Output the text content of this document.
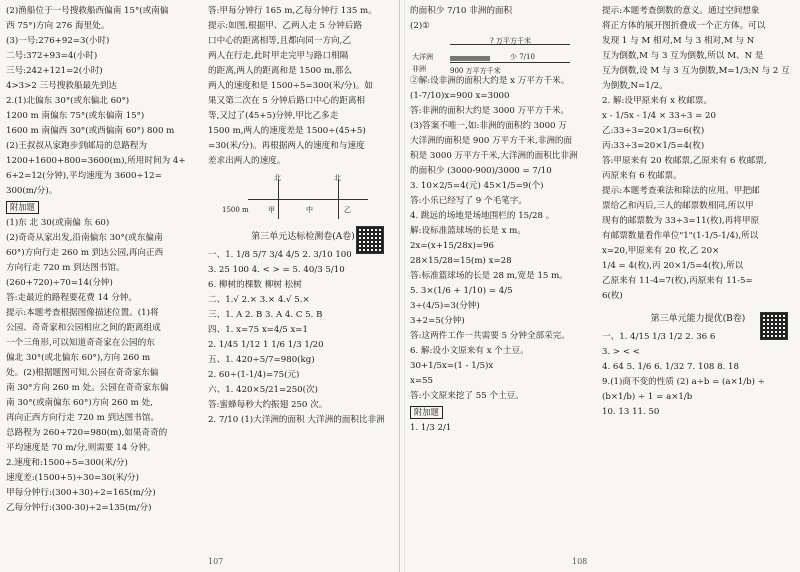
(2)渔船位于一号搜救船西偏南 15°(或南偏
西 75°)方向 276 海里处。
(3)一号:276+92=3(小时)
二号:372+93=4(小时)
三号:242+121=2(小时)
4>3>2 三号搜救船最先到达
2.(1)北偏东 30°(或东偏北 60°)
1200 m 南偏东 75°(或东偏南 15°)
1600 m 南偏西 30°(或西偏南 60°) 800 m
(2)王叔叔从家跑步到邮局的总路程为
1200+1600+800=3600(m),所用时间为 4+
6+2=12(分钟),平均速度为 3600÷12=
300(m/分)。
附加题
(1)东 北 30(或南偏 东 60)
(2)奇奇从家出发,沿南偏东 30°(或东偏南
60°)方向行走 260 m 到达公园,再向正西
方向行走 720 m 到达图书馆。
(260+720)÷70=14(分钟)
答:走最近的路程要花费 14 分钟。
提示:本题考查根据图像描述位置。(1)将
公园、奇奇家和公园相应之间的距离组成
一个三角形,可以知道奇奇家在公园的东
偏北 30°(或北偏东 60°),方向 260 m
处。(2)根据题图可知,公园在奇奇家东偏
南 30°方向 260 m 处。公园在奇奇家东偏
南 30°(或南偏东 60°)方向 260 m 处,
再向正西方向行走 720 m 到达图书馆。
总路程为 260+720=980(m),如果奇奇的
平均速度是 70 m/分,则需要 14 分钟。
2.速度和:1500÷5=300(米/分)
速度差:(1500+5)÷30=30(米/分)
甲每分钟行:(300+30)÷2=165(m/分)
乙每分钟行:(300-30)÷2=135(m/分)
答:甲每分钟行 165 m,乙每分钟行 135 m。
提示:如图,根据甲、乙两人走 5 分钟后路
口中心的距离相等,且都向同一方向,乙
两人在行走,此时甲走完甲与路口相隔
的距离,两人的距离和是 1500 m,那么
两人的速度和是 1500÷5=300(米/分)。如
果又第二次在 5 分钟后路口中心的距离相
等,又过了(45+5)分钟,甲比乙多走
1500 m,两人的速度差是 1500÷(45+5)
=30(米/分)。再根据两人的速度和与速度
差求出两人的速度。
北	北
1500 m	甲	中	乙
第三单元达标检测卷(A卷)
一、1. 1/8 5/7 3/4 4/5 2. 3/10 100
3. 25 100 4. < > = 5. 40/3 5/10
6. 柳树的棵数 柳树 松树
二、1.√ 2.× 3.× 4.√ 5.×
三、1. A 2. B 3. A 4. C 5. B
四、1. x=75 x=4/5 x=1
2. 1/45 1/12 1 1/6 1/3 1/20
五、1. 420÷5/7=980(kg)
2. 60÷(1-1/4)=75(元)
六、1. 420×5/21=250(次)
答:蜜蜂每秒大约振翅 250 次。
2. 7/10 (1)大洋洲的面积 大洋洲的面积比非洲
107
的面积少 7/10 非洲的面积
(2)①
? 万平方千米
大洋洲
非洲
少 7/10
900 万平方千米
②解:设非洲的面积大约是 x 万平方千米。
(1-7/10)x=900 x=3000
答:非洲的面积大约是 3000 万平方千米。
(3)答案不唯一,如:非洲的面积约 3000 万
大洋洲的面积是 900 万平方千米,非洲的面
积是 3000 万平方千米,大洋洲的面积比非洲
的面积少 (3000-900)/3000 = 7/10
3. 10×2/5=4(元) 45×1/5=9(个)
答:小乐已经写了 9 个毛笔字。
4. 跳远的场地是场地围栏的 15/28 。
解:设标准篮球场的长是 x m。
2x=(x+15/28x)=96
28×15/28=15(m) x=28
答:标准篮球场的长是 28 m,宽是 15 m。
5. 3×(1/6 + 1/10) = 4/5
3÷(4/5)=3(分钟)
3+2=5(分钟)
答:这两件工作一共需要 5 分钟全部采完。
6. 解:设小文原来有 x 个土豆。
30+1/5x=(1 - 1/5)x
x=55
答:小文原来挖了 55 个土豆。
附加题
1. 1/3 2/1
108
提示:本题考查倒数的意义。通过空间想象
将正方体的展开图折叠成一个正方体。可以
发现 1 与 M 相对,M 与 3 相对,M 与 N
互为倒数,M 与 3 互为倒数,所以 M、N 是
互为倒数,设 M 与 3 互为倒数,M=1/3;N 与 2 互
为倒数,N=1/2。
2. 解:设甲原来有 x 枚邮票。
x - 1/5x - 1/4 × 33÷3 = 20
乙:33÷3=20×1/3=6(枚)
丙:33÷3=20×1/5=4(枚)
答:甲原来有 20 枚邮票,乙原来有 6 枚邮票,
丙原来有 6 枚邮票。
提示:本题考查乘法和除法的应用。甲把邮
票给乙和丙后,三人的邮票数相同,所以甲
现有的邮票数为 33÷3=11(枚),再将甲原
有邮票数量看作单位"1"(1-1/5-1/4),所以
x=20,甲原来有 20 枚,乙 20×
1/4 = 4(枚),丙 20×1/5=4(枚),所以
乙原来有 11-4=7(枚),丙原来有 11-5=
6(枚)
第三单元能力提优(B卷)
一、1. 4/15 1/3 1/2 2. 36 6
3. > < <
4. 64 5. 1/6 6. 1/32 7. 108 8. 18
9.(1)商不变的性质 (2) a÷b = (a×1/b) ÷
(b×1/b) ÷ 1 = a×1/b
10. 13 11. 50
